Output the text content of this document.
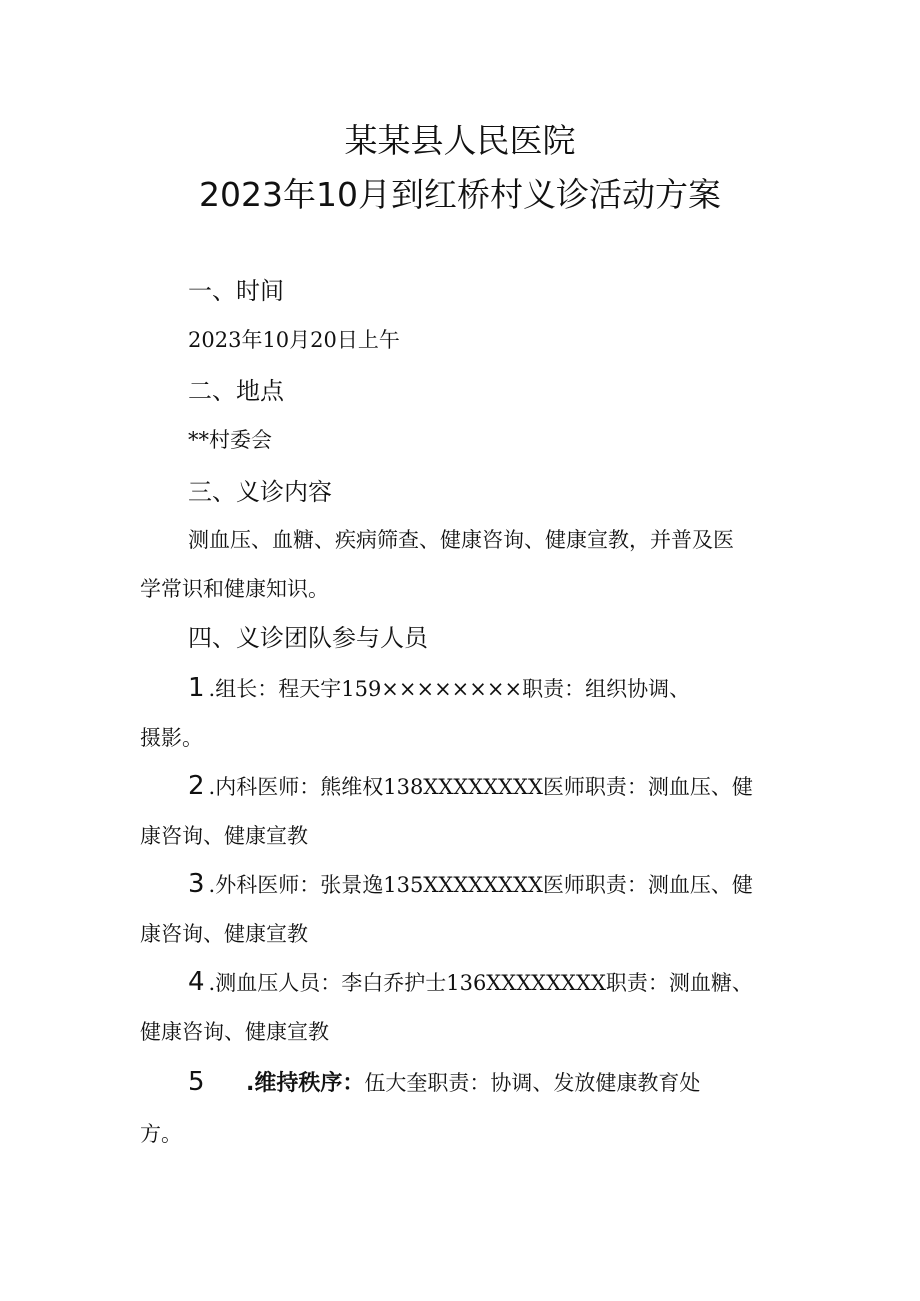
某某县人民医院
2023年10月到红桥村义诊活动方案
一、时间
2023年10月20日上午
二、地点
**村委会
三、义诊内容
测血压、血糖、疾病筛查、健康咨询、健康宣教，并普及医
学常识和健康知识。
四、义诊团队参与人员
1 .组长：程天宇159××××××××职责：组织协调、
摄影。
2 .内科医师：熊维权138XXXXXXXX医师职责：测血压、健
康咨询、健康宣教
3 .外科医师：张景逸135XXXXXXXX医师职责：测血压、健
康咨询、健康宣教
4 .测血压人员：李白乔护士136XXXXXXXX职责：测血糖、
健康咨询、健康宣教
5 .维持秩序：伍大奎职责：协调、发放健康教育处
方。
